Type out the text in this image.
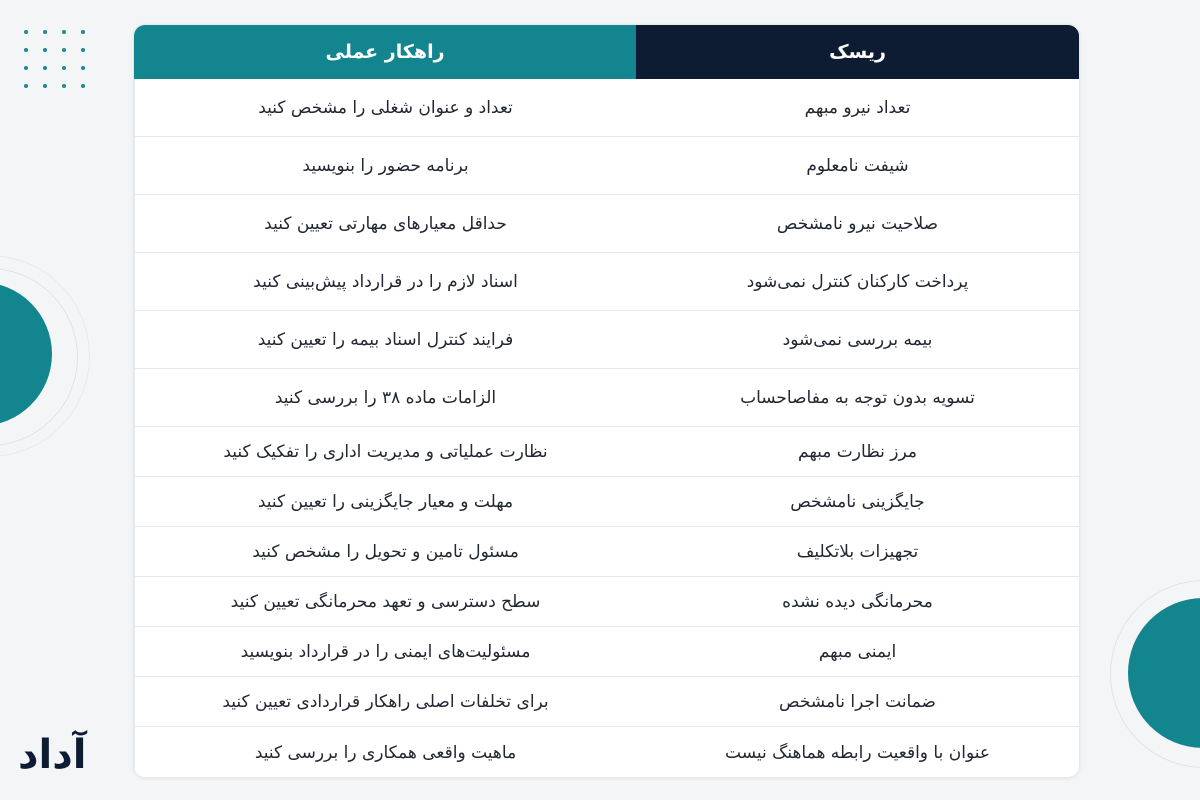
آداد
ریسک
راهکار عملی
تعداد نیرو مبهم
تعداد و عنوان شغلی را مشخص کنید
شیفت نامعلوم
برنامه حضور را بنویسید
صلاحیت نیرو نامشخص
حداقل معیارهای مهارتی تعیین کنید
پرداخت کارکنان کنترل نمی‌شود
اسناد لازم را در قرارداد پیش‌بینی کنید
بیمه بررسی نمی‌شود
فرایند کنترل اسناد بیمه را تعیین کنید
تسویه بدون توجه به مفاصاحساب
الزامات ماده ۳۸ را بررسی کنید
مرز نظارت مبهم
نظارت عملیاتی و مدیریت اداری را تفکیک کنید
جایگزینی نامشخص
مهلت و معیار جایگزینی را تعیین کنید
تجهیزات بلاتکلیف
مسئول تامین و تحویل را مشخص کنید
محرمانگی دیده نشده
سطح دسترسی و تعهد محرمانگی تعیین کنید
ایمنی مبهم
مسئولیت‌های ایمنی را در قرارداد بنویسید
ضمانت اجرا نامشخص
برای تخلفات اصلی راهکار قراردادی تعیین کنید
عنوان با واقعیت رابطه هماهنگ نیست
ماهیت واقعی همکاری را بررسی کنید
